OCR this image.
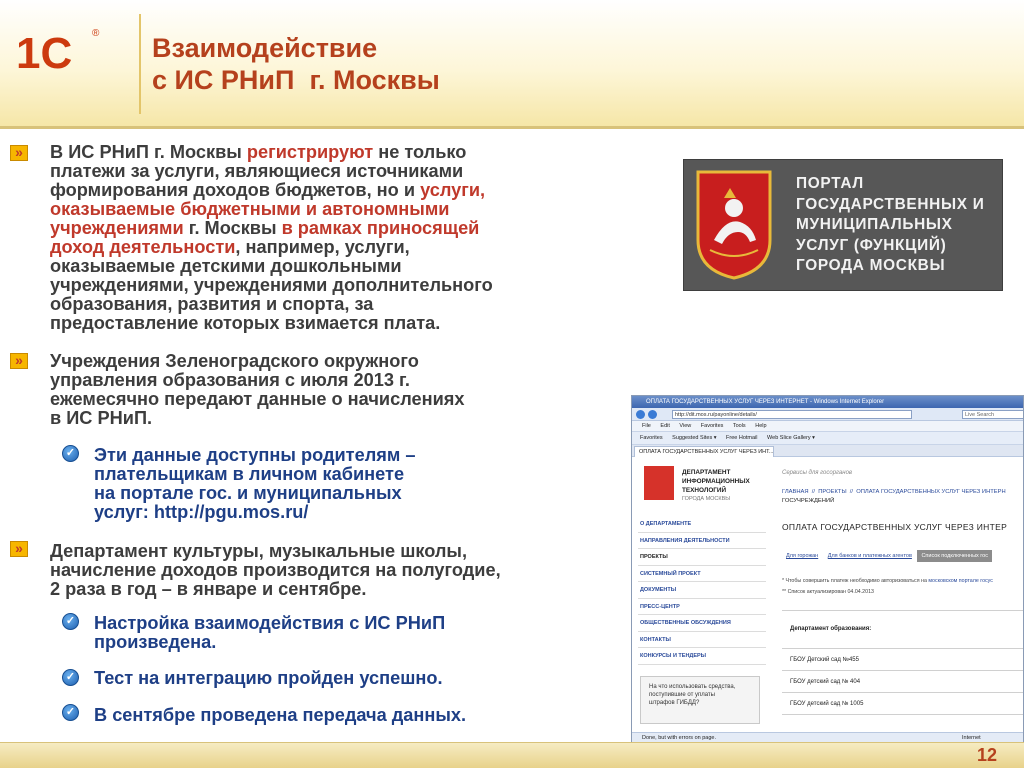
1С ® Взаимодействие
с ИС РНиП  г. Москвы
» В ИС РНиП г. Москвы регистрируют не только
платежи за услуги, являющиеся источниками
формирования доходов бюджетов, но и услуги,
оказываемые бюджетными и автономными
учреждениями г. Москвы в рамках приносящей
доход деятельности, например, услуги,
оказываемые детскими дошкольными
учреждениями, учреждениями дополнительного
образования, развития и спорта, за
предоставление которых взимается плата.
» Учреждения Зеленоградского окружного
управления образования с июля 2013 г.
ежемесячно передают данные о начислениях
в ИС РНиП.
✓ Эти данные доступны родителям –
плательщикам в личном кабинете
на портале гос. и муниципальных
услуг: http://pgu.mos.ru/
» Департамент культуры, музыкальные школы,
начисление доходов производится на полугодие,
2 раза в год – в январе и сентябре.
✓ Настройка взаимодействия с ИС РНиП
произведена.
✓ Тест на интеграцию пройден успешно.
✓ В сентябре проведена передача данных.
ПОРТАЛ
ГОСУДАРСТВЕННЫХ И
МУНИЦИПАЛЬНЫХ
УСЛУГ (ФУНКЦИЙ)
ГОРОДА МОСКВЫ
ОПЛАТА ГОСУДАРСТВЕННЫХ УСЛУГ ЧЕРЕЗ ИНТЕРНЕТ - Windows Internet Explorer
http://dit.mos.ru/payonline/details/	Live Search
File Edit View Favorites Tools Help
Favorites Suggested Sites ▾ Free Hotmail Web Slice Gallery ▾
ОПЛАТА ГОСУДАРСТВЕННЫХ УСЛУГ ЧЕРЕЗ ИНТ...
ДЕПАРТАМЕНТ
ИНФОРМАЦИОННЫХ
ТЕХНОЛОГИЙ
ГОРОДА МОСКВЫ
О ДЕПАРТАМЕНТЕ
НАПРАВЛЕНИЯ ДЕЯТЕЛЬНОСТИ
ПРОЕКТЫ
СИСТЕМНЫЙ ПРОЕКТ
ДОКУМЕНТЫ
ПРЕСС-ЦЕНТР
ОБЩЕСТВЕННЫЕ ОБСУЖДЕНИЯ
КОНТАКТЫ
КОНКУРСЫ И ТЕНДЕРЫ
На что использовать средства,
поступившие от уплаты
штрафов ГИБДД?
Сервисы для госорганов
ГЛАВНАЯ  //  ПРОЕКТЫ  //  ОПЛАТА ГОСУДАРСТВЕННЫХ УСЛУГ ЧЕРЕЗ ИНТЕРН
ГОСУЧРЕЖДЕНИЙ
ОПЛАТА ГОСУДАРСТВЕННЫХ УСЛУГ ЧЕРЕЗ ИНТЕР
Для горожан Для банков и платежных агентов Список подключенных гос
* Чтобы совершить платеж необходимо авторизоваться на московском портале госус
** Список актуализирован 04.04.2013
Департамент образования:
ГБОУ Детский сад №455
ГБОУ детский сад № 404
ГБОУ детский сад № 1005
Done, but with errors on page.	Internet
12
